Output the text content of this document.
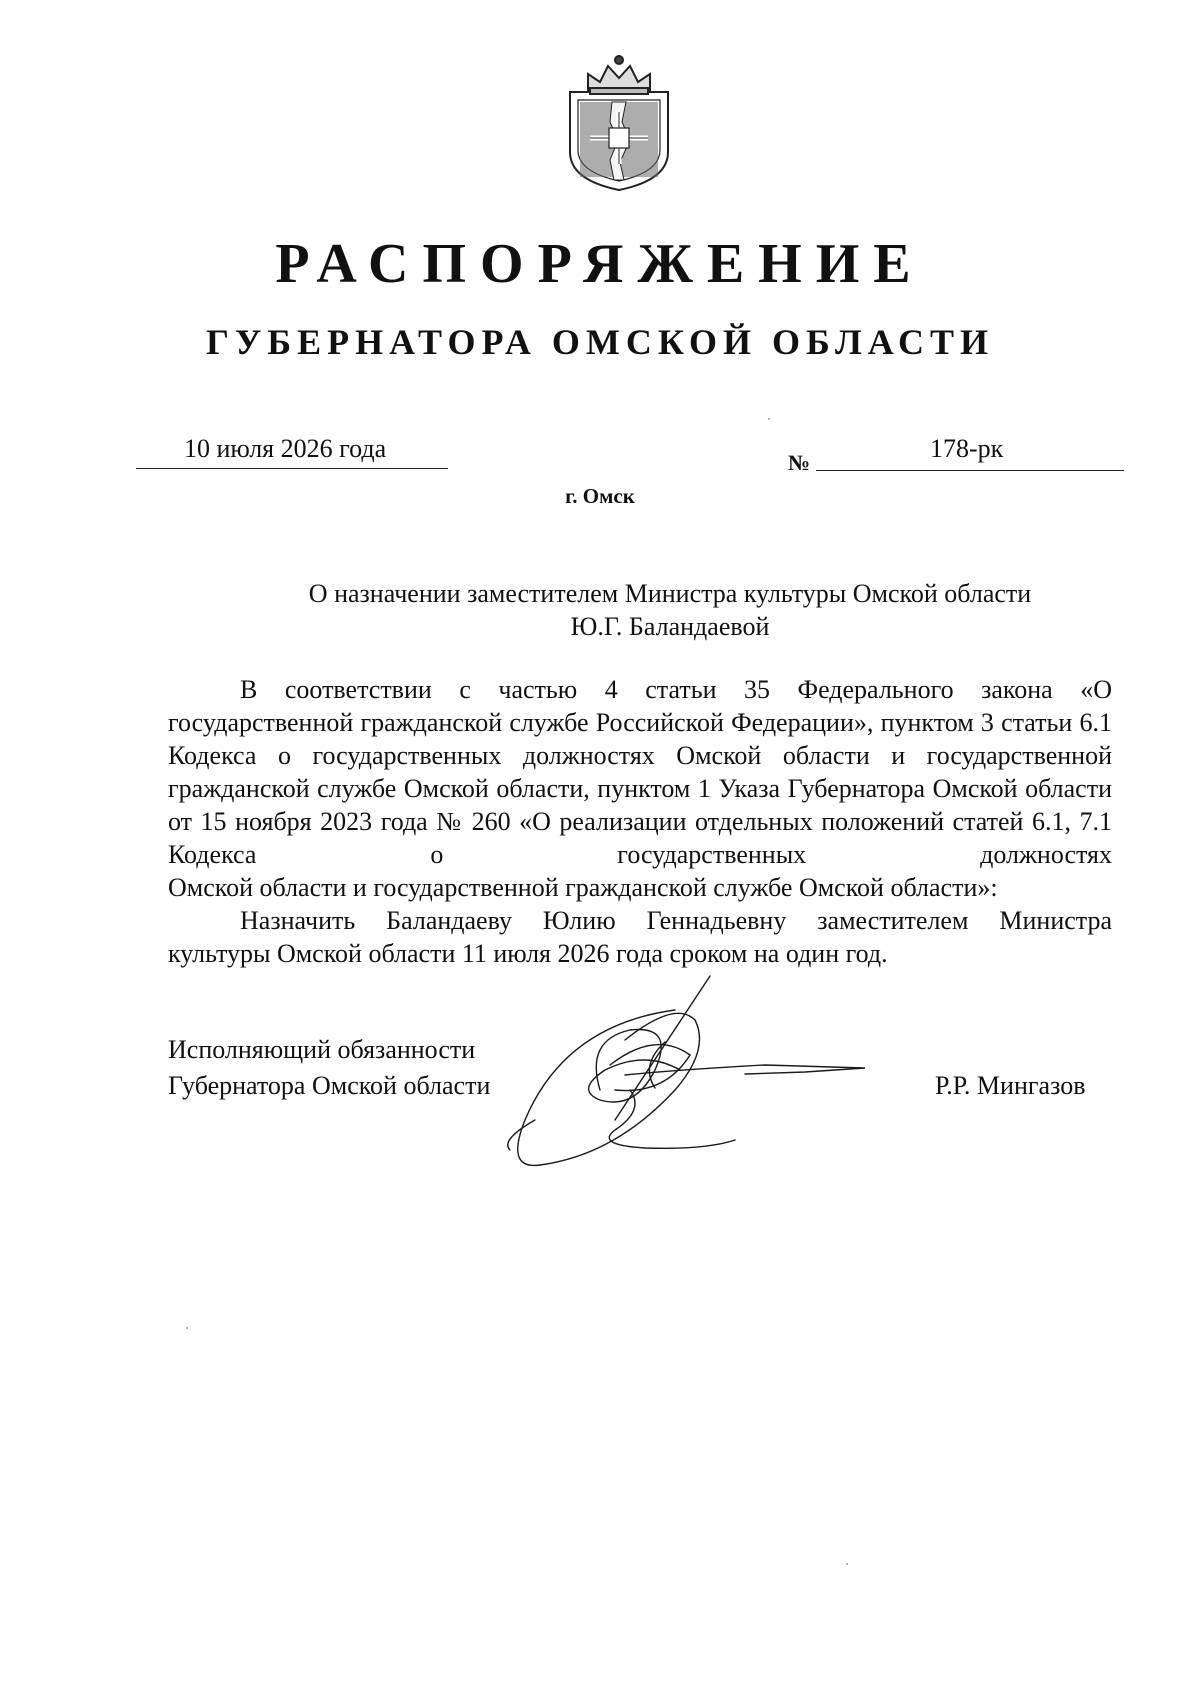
РАСПОРЯЖЕНИЕ
ГУБЕРНАТОРА ОМСКОЙ ОБЛАСТИ
10 июля 2026 года	№	178-рк
г. Омск
О назначении заместителем Министра культуры Омской области
Ю.Г. Баландаевой
В соответствии с частью 4 статьи 35 Федерального закона «О государственной гражданской службе Российской Федерации», пунктом 3 статьи 6.1 Кодекса о государственных должностях Омской области и государственной гражданской службе Омской области, пунктом 1 Указа Губернатора Омской области от 15 ноября 2023 года № 260 «О реализации отдельных положений статей 6.1, 7.1 Кодекса о государственных должностях
Омской области и государственной гражданской службе Омской области»:
Назначить Баландаеву Юлию Геннадьевну заместителем Министра
культуры Омской области 11 июля 2026 года сроком на один год.
Исполняющий обязанности
Губернатора Омской области	Р.Р. Мингазов
